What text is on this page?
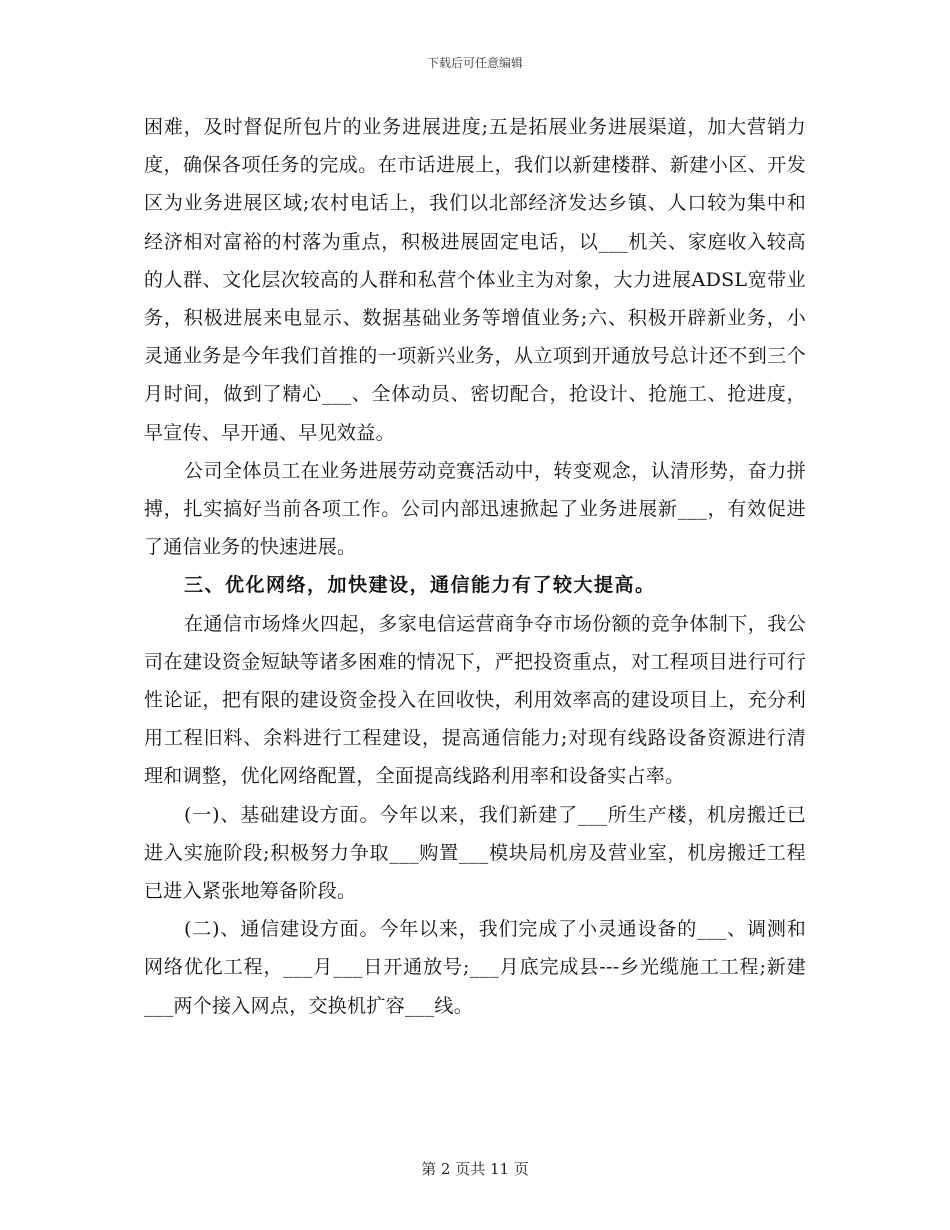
下载后可任意编辑

困难，及时督促所包片的业务进展进度;五是拓展业务进展渠道，加大营销力度，确保各项任务的完成。在市话进展上，我们以新建楼群、新建小区、开发区为业务进展区域;农村电话上，我们以北部经济发达乡镇、人口较为集中和经济相对富裕的村落为重点，积极进展固定电话，以___机关、家庭收入较高的人群、文化层次较高的人群和私营个体业主为对象，大力进展ADSL宽带业务，积极进展来电显示、数据基础业务等增值业务;六、积极开辟新业务，小灵通业务是今年我们首推的一项新兴业务，从立项到开通放号总计还不到三个月时间，做到了精心___、全体动员、密切配合，抢设计、抢施工、抢进度，早宣传、早开通、早见效益。

公司全体员工在业务进展劳动竞赛活动中，转变观念，认清形势，奋力拼搏，扎实搞好当前各项工作。公司内部迅速掀起了业务进展新___，有效促进了通信业务的快速进展。

三、优化网络，加快建设，通信能力有了较大提高。

在通信市场烽火四起，多家电信运营商争夺市场份额的竞争体制下，我公司在建设资金短缺等诸多困难的情况下，严把投资重点，对工程项目进行可行性论证，把有限的建设资金投入在回收快，利用效率高的建设项目上，充分利用工程旧料、余料进行工程建设，提高通信能力;对现有线路设备资源进行清理和调整，优化网络配置，全面提高线路利用率和设备实占率。

(一)、基础建设方面。今年以来，我们新建了___所生产楼，机房搬迁已进入实施阶段;积极努力争取___购置___模块局机房及营业室，机房搬迁工程已进入紧张地筹备阶段。

(二)、通信建设方面。今年以来，我们完成了小灵通设备的___、调测和网络优化工程，___月___日开通放号;___月底完成县---乡光缆施工工程;新建___两个接入网点，交换机扩容___线。

第 2 页共 11 页
